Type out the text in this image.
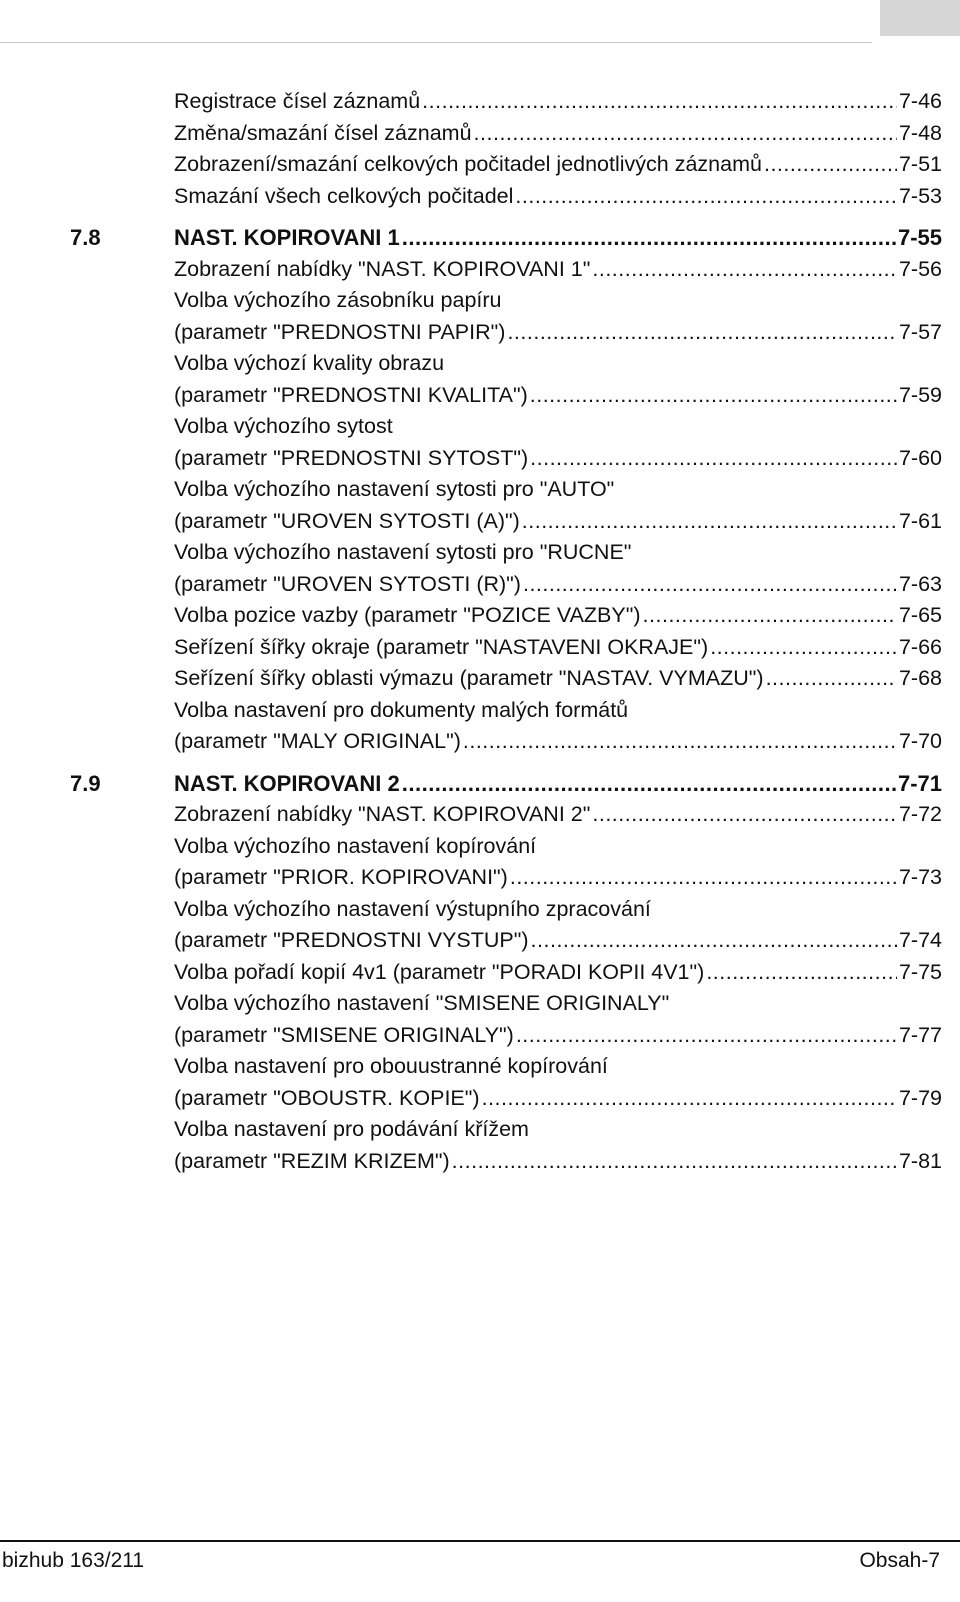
Registrace čísel záznamů .....	7-46
Změna/smazání čísel záznamů .....	7-48
Zobrazení/smazání celkových počitadel jednotlivých záznamů .....	7-51
Smazání všech celkových počitadel .....	7-53
7.8	NAST. KOPIROVANI 1 .....	7-55
Zobrazení nabídky "NAST. KOPIROVANI 1" .....	7-56
Volba výchozího zásobníku papíru
(parametr "PREDNOSTNI PAPIR") .....	7-57
Volba výchozí kvality obrazu
(parametr "PREDNOSTNI KVALITA") .....	7-59
Volba výchozího sytost
(parametr "PREDNOSTNI SYTOST") .....	7-60
Volba výchozího nastavení sytosti pro "AUTO"
(parametr "UROVEN SYTOSTI (A)") .....	7-61
Volba výchozího nastavení sytosti pro "RUCNE"
(parametr "UROVEN SYTOSTI (R)") .....	7-63
Volba pozice vazby (parametr "POZICE VAZBY") .....	7-65
Seřízení šířky okraje (parametr "NASTAVENI OKRAJE") .....	7-66
Seřízení šířky oblasti výmazu (parametr "NASTAV. VYMAZU") .....	7-68
Volba nastavení pro dokumenty malých formátů
(parametr "MALY ORIGINAL") .....	7-70
7.9	NAST. KOPIROVANI 2 .....	7-71
Zobrazení nabídky "NAST. KOPIROVANI 2" .....	7-72
Volba výchozího nastavení kopírování
(parametr "PRIOR. KOPIROVANI") .....	7-73
Volba výchozího nastavení výstupního zpracování
(parametr "PREDNOSTNI VYSTUP") .....	7-74
Volba pořadí kopií 4v1 (parametr "PORADI KOPII 4V1") .....	7-75
Volba výchozího nastavení "SMISENE ORIGINALY"
(parametr "SMISENE ORIGINALY") .....	7-77
Volba nastavení pro obouustranné kopírování
(parametr "OBOUSTR. KOPIE") .....	7-79
Volba nastavení pro podávání křížem
(parametr "REZIM KRIZEM") .....	7-81
bizhub 163/211	Obsah-7
